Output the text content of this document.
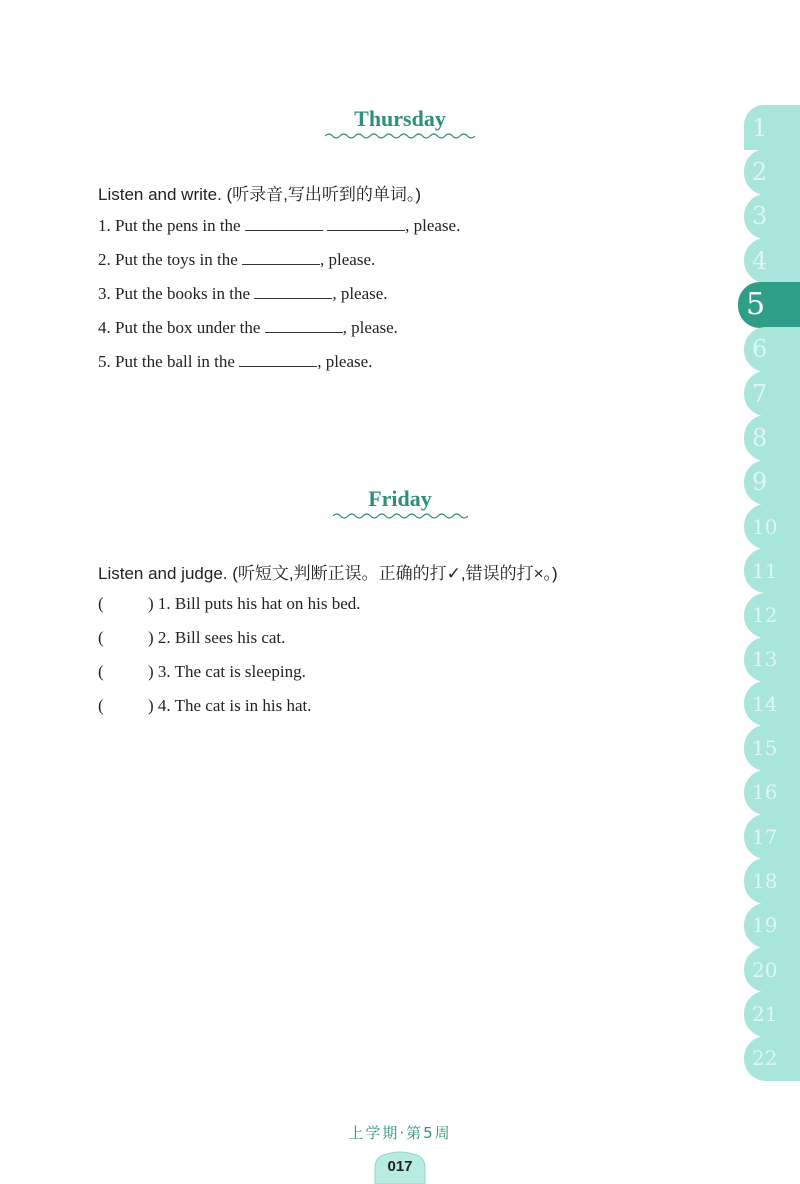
Thursday
Listen and write. (听录音,写出听到的单词。)
1. Put the pens in the	, please.
2. Put the toys in the	, please.
3. Put the books in the	, please.
4. Put the box under the	, please.
5. Put the ball in the	, please.
Friday
Listen and judge. (听短文,判断正误。正确的打✓,错误的打×。)
(	) 1. Bill puts his hat on his bed.
(	) 2. Bill sees his cat.
(	) 3. The cat is sleeping.
(	) 4. The cat is in his hat.
1
2
3
4
5
6
7
8
9
10
11
12
13
14
15
16
17
18
19
20
21
22
上学期·第5周
017
